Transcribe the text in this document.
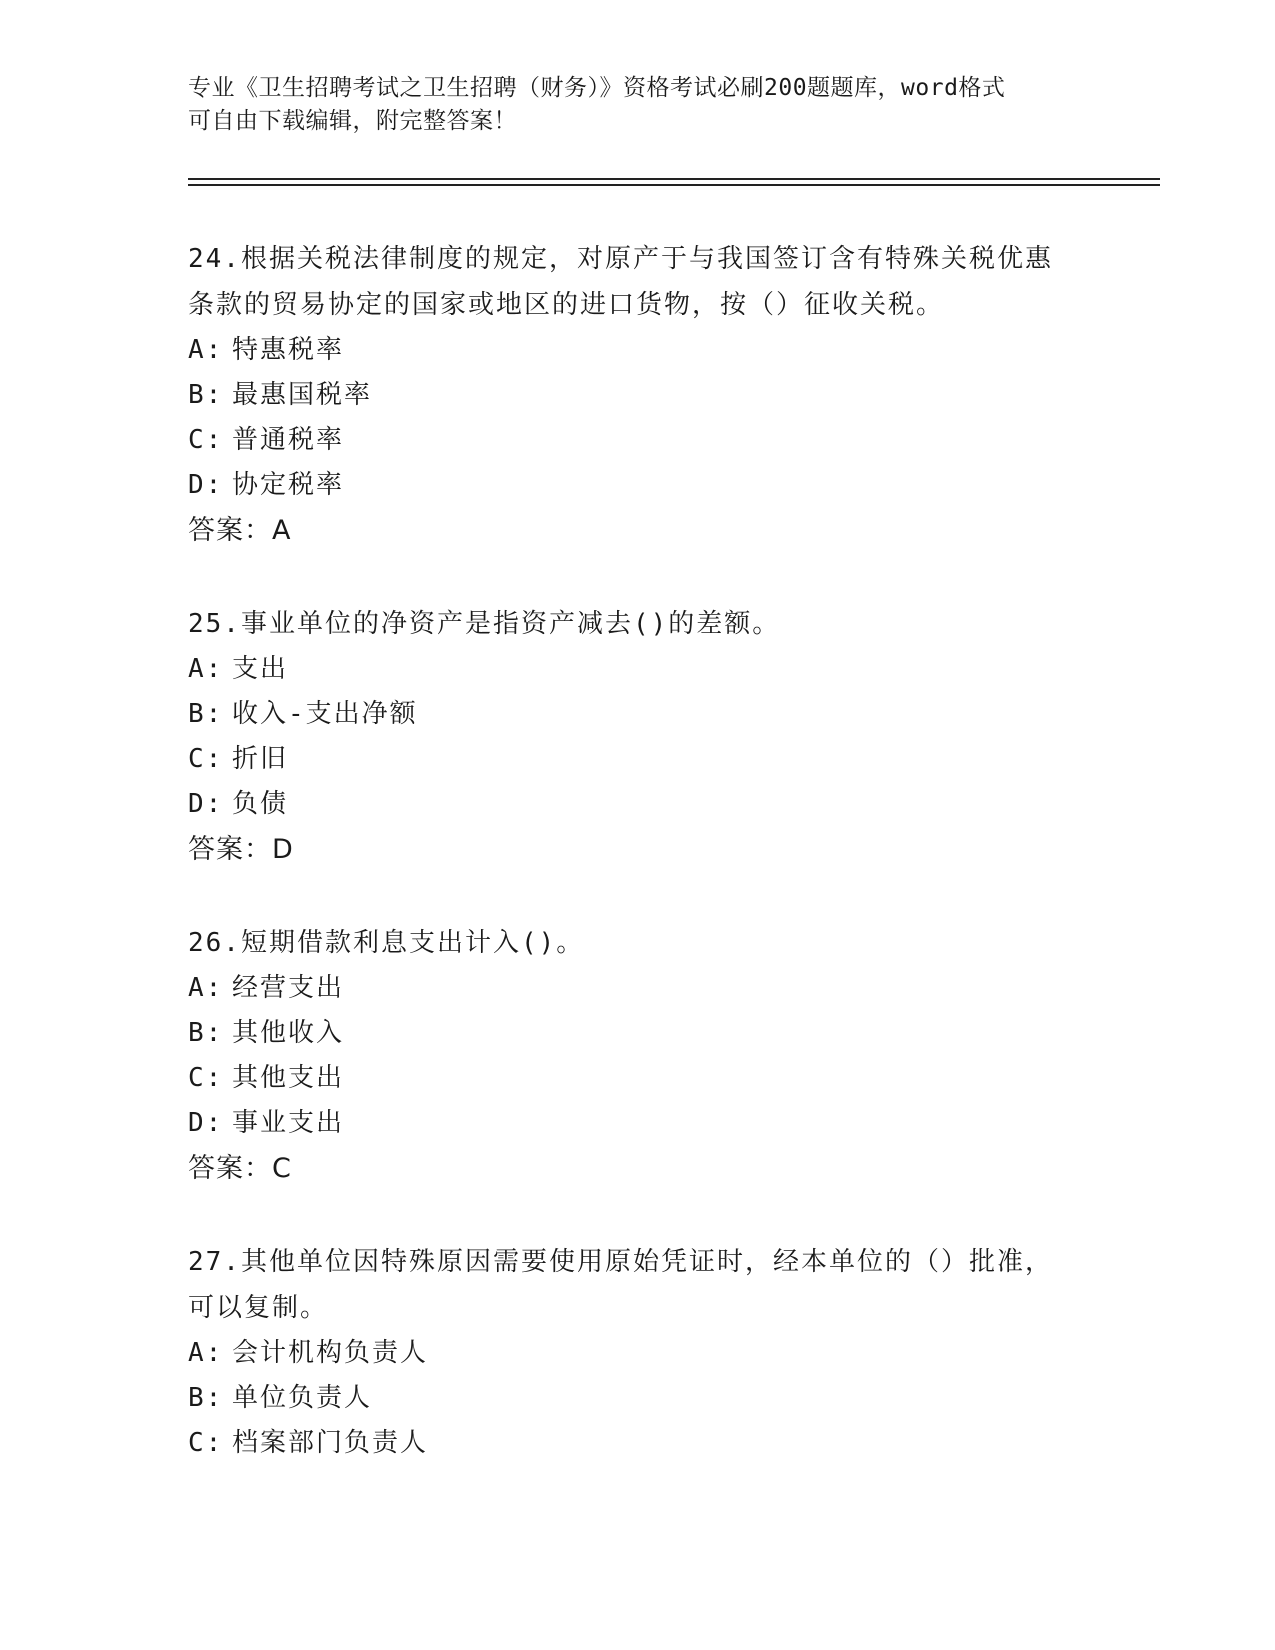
专业《卫生招聘考试之卫生招聘（财务）》资格考试必刷200题题库，word格式
可自由下载编辑，附完整答案！
24.根据关税法律制度的规定，对原产于与我国签订含有特殊关税优惠
条款的贸易协定的国家或地区的进口货物，按（）征收关税。
A: 特惠税率
B: 最惠国税率
C: 普通税率
D: 协定税率
答案：A
25.事业单位的净资产是指资产减去()的差额。
A: 支出
B: 收入-支出净额
C: 折旧
D: 负债
答案：D
26.短期借款利息支出计入()。
A: 经营支出
B: 其他收入
C: 其他支出
D: 事业支出
答案：C
27.其他单位因特殊原因需要使用原始凭证时，经本单位的（）批准，
可以复制。
A: 会计机构负责人
B: 单位负责人
C: 档案部门负责人
